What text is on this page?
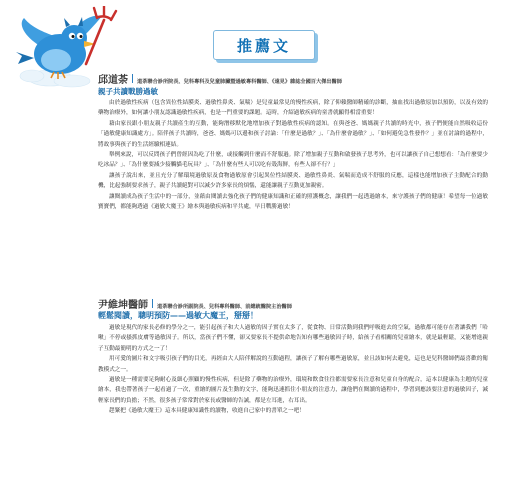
推薦文
邱道荼 道荼聯合診所院長、兒科專科及兒童肺臟暨過敏專科醫師、《遠見》雜誌全國百大傑出醫師
親子共讀戰勝過敏

由於過敏性疾病（包含異位性結膜炎、過敏性鼻炎、氣喘）是兒童最常見的慢性疾病，除了仰賴醫師精確的診斷，抽血找出過敏原加以預防，以及有效的藥物治療外，如何讓小朋友認識過敏性疾病，也是一門重要的課題。這時，介紹過敏疾病的童書就顯得相當重要！

藉由家長跟小朋友親子共讀產生的互動，能夠潛移默化地增加孩子對過敏性疾病的認知。在與爸爸、媽媽親子共讀的時光中，孩子們便能自然吸收這份「過敏健康知識處方」。陪伴孩子共讀時，爸爸、媽媽可以邊和孩子討論：「什麼是過敏？」、「為什麼會過敏？」、「如何避免急性發作？」並在討論的過程中，將故事與孩子的生活經驗相連結。

舉例來說，可以反問孩子們曾經因為吃了什麼，或接觸到什麼而不舒服過。除了增加親子互動和啟發孩子思考外，也可以讓孩子自己想想看：「為什麼要少吃冰品？」、「為什麼要減少接觸貓毛玩具？」、「為什麼有些人可以吃有殼海鮮，有些人卻不行？」

讓孩子說出來，並且充分了解環境過敏原及食物過敏原會引起異位性結膜炎、過敏性鼻炎、氣喘而造成不舒服的反應，這樣也能增加孩子主動配合的動機，比起強制要求孩子，親子共讀絕對可以減少許多家長的煩惱，還能讓親子互動更加親密。

讓閱讀成為孩子生活中的一部分，並藉由閱讀去強化孩子們的健康知識和正確的照護概念，讓我們一起透過繪本，來守護孩子們的健康！希望每一位過敏寶寶們，都能夠透過《過敏大魔王》繪本與過敏疾病和平共處，早日戰勝過敏！

尹維坤醫師 道荼聯合診所副院長、兒科專科醫師、前總統醫院主治醫師
輕鬆閱讀，聰明預防——過敏大魔王，掰掰！

過敏是現代的家長必修的學分之一，能引起孩子和大人過敏的因子實在太多了，從食物、日常活動到我們呼吸進去的空氣，過敏都可能存在著讓我們「哈啾」不停或搔抓皮膚等過敏因子。所以，當孩子們不懂，卻又要家長不提供命地告知有哪些過敏因子時，給孩子看相關的兒童繪本，就是最輕鬆，又能增進親子互動最簡明的方式之一了！

用可愛的圖片和文字吸引孩子們的目光，再經由大人陪伴解說的互動過程，讓孩子了解有哪些過敏原，並且該如何去避免，這也是兒科醫師們最喜歡的衛教模式之一。

過敏是一種需要足夠耐心及細心照顧的慢性疾病，但是除了藥物的治療外，環境和飲食往往都需要家長注意和兒童自身的配合，這本以健康為主題的兒童繪本，我也帶著孩子一起看過了一次，重繪的圖片及生動的文字，能夠迅速抓住小朋友的注意力，讓他們在閱讀的過程中，學習到應該要注意的過敏因子，減輕家長們的負擔；不然，很多孩子常常對於家長或醫師的告誡，都是左耳進，右耳出。

趕緊把《過敏大魔王》這本具健康知識性的讀物，收進自己家中的書單之一吧！
